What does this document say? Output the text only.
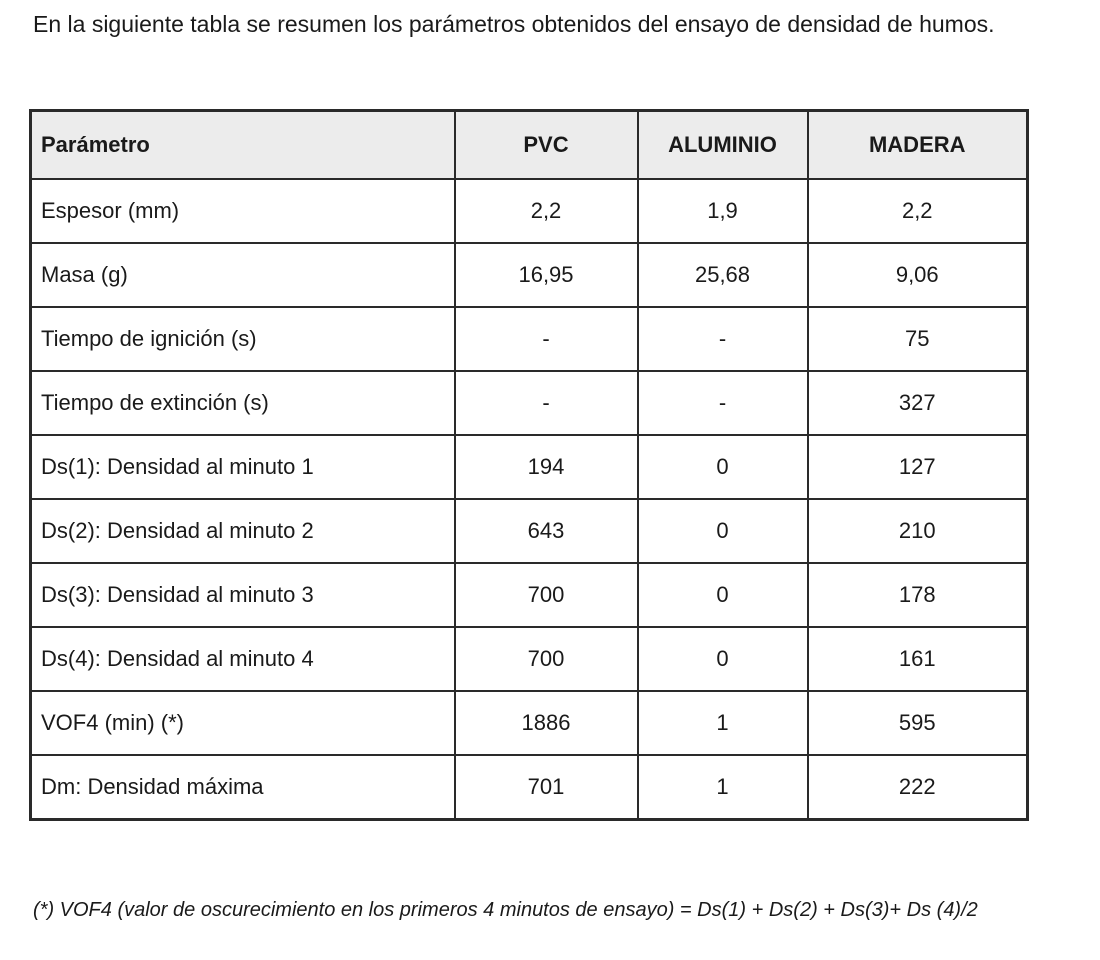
En la siguiente tabla se resumen los parámetros obtenidos del ensayo de densidad de humos.

Parámetro	PVC	ALUMINIO	MADERA
Espesor (mm)	2,2	1,9	2,2
Masa (g)	16,95	25,68	9,06
Tiempo de ignición (s)	-	-	75
Tiempo de extinción (s)	-	-	327
Ds(1): Densidad al minuto 1	194	0	127
Ds(2): Densidad al minuto 2	643	0	210
Ds(3): Densidad al minuto 3	700	0	178
Ds(4): Densidad al minuto 4	700	0	161
VOF4 (min) (*)	1886	1	595
Dm: Densidad máxima	701	1	222

(*) VOF4 (valor de oscurecimiento en los primeros 4 minutos de ensayo) = Ds(1) + Ds(2) + Ds(3)+ Ds (4)/2
